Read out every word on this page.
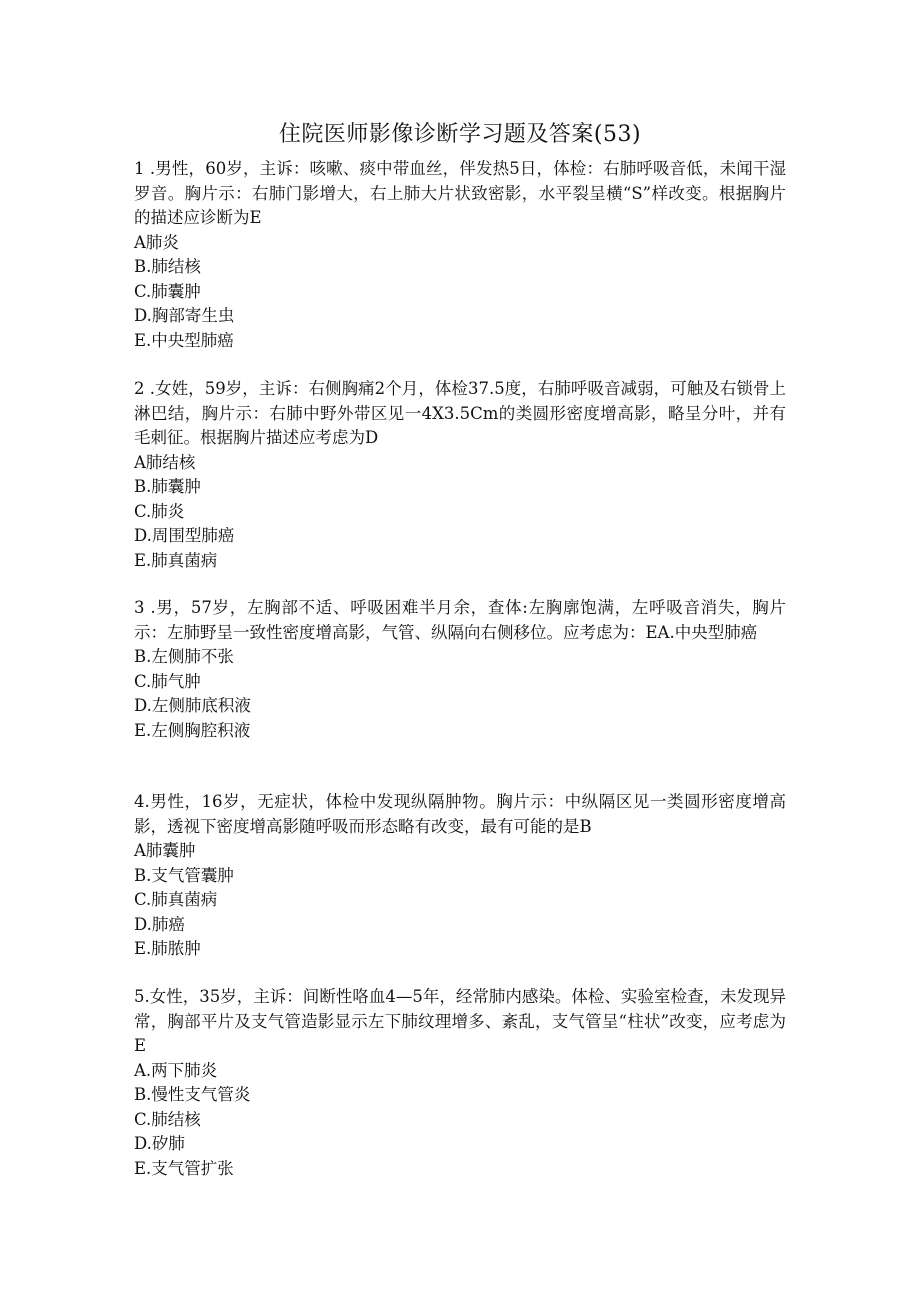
住院医师影像诊断学习题及答案(53)

1 .男性，60岁，主诉：咳嗽、痰中带血丝，伴发热5日，体检：右肺呼吸音低，未闻干湿罗音。胸片示：右肺门影增大，右上肺大片状致密影，水平裂呈横“S”样改变。根据胸片的描述应诊断为E

A肺炎
B.肺结核
C.肺囊肿
D.胸部寄生虫
E.中央型肺癌

2 .女姓，59岁，主诉：右侧胸痛2个月，体检37.5度，右肺呼吸音减弱，可触及右锁骨上淋巴结，胸片示：右肺中野外带区见一4X3.5Cm的类圆形密度增高影，略呈分叶，并有毛刺征。根据胸片描述应考虑为D

A肺结核
B.肺囊肿
C.肺炎
D.周围型肺癌
E.肺真菌病

3 .男，57岁，左胸部不适、呼吸困难半月余，查体:左胸廓饱满，左呼吸音消失，胸片示：左肺野呈一致性密度增高影，气管、纵隔向右侧移位。应考虑为：EA.中央型肺癌

B.左侧肺不张
C.肺气肿
D.左侧肺底积液
E.左侧胸腔积液

4.男性，16岁，无症状，体检中发现纵隔肿物。胸片示：中纵隔区见一类圆形密度增高影，透视下密度增高影随呼吸而形态略有改变，最有可能的是B

A肺囊肿
B.支气管囊肿
C.肺真菌病
D.肺癌
E.肺脓肿

5.女性，35岁，主诉：间断性咯血4—5年，经常肺内感染。体检、实验室检查，未发现异常，胸部平片及支气管造影显示左下肺纹理增多、紊乱，支气管呈“柱状”改变，应考虑为E

A.两下肺炎
B.慢性支气管炎
C.肺结核
D.矽肺
E.支气管扩张
